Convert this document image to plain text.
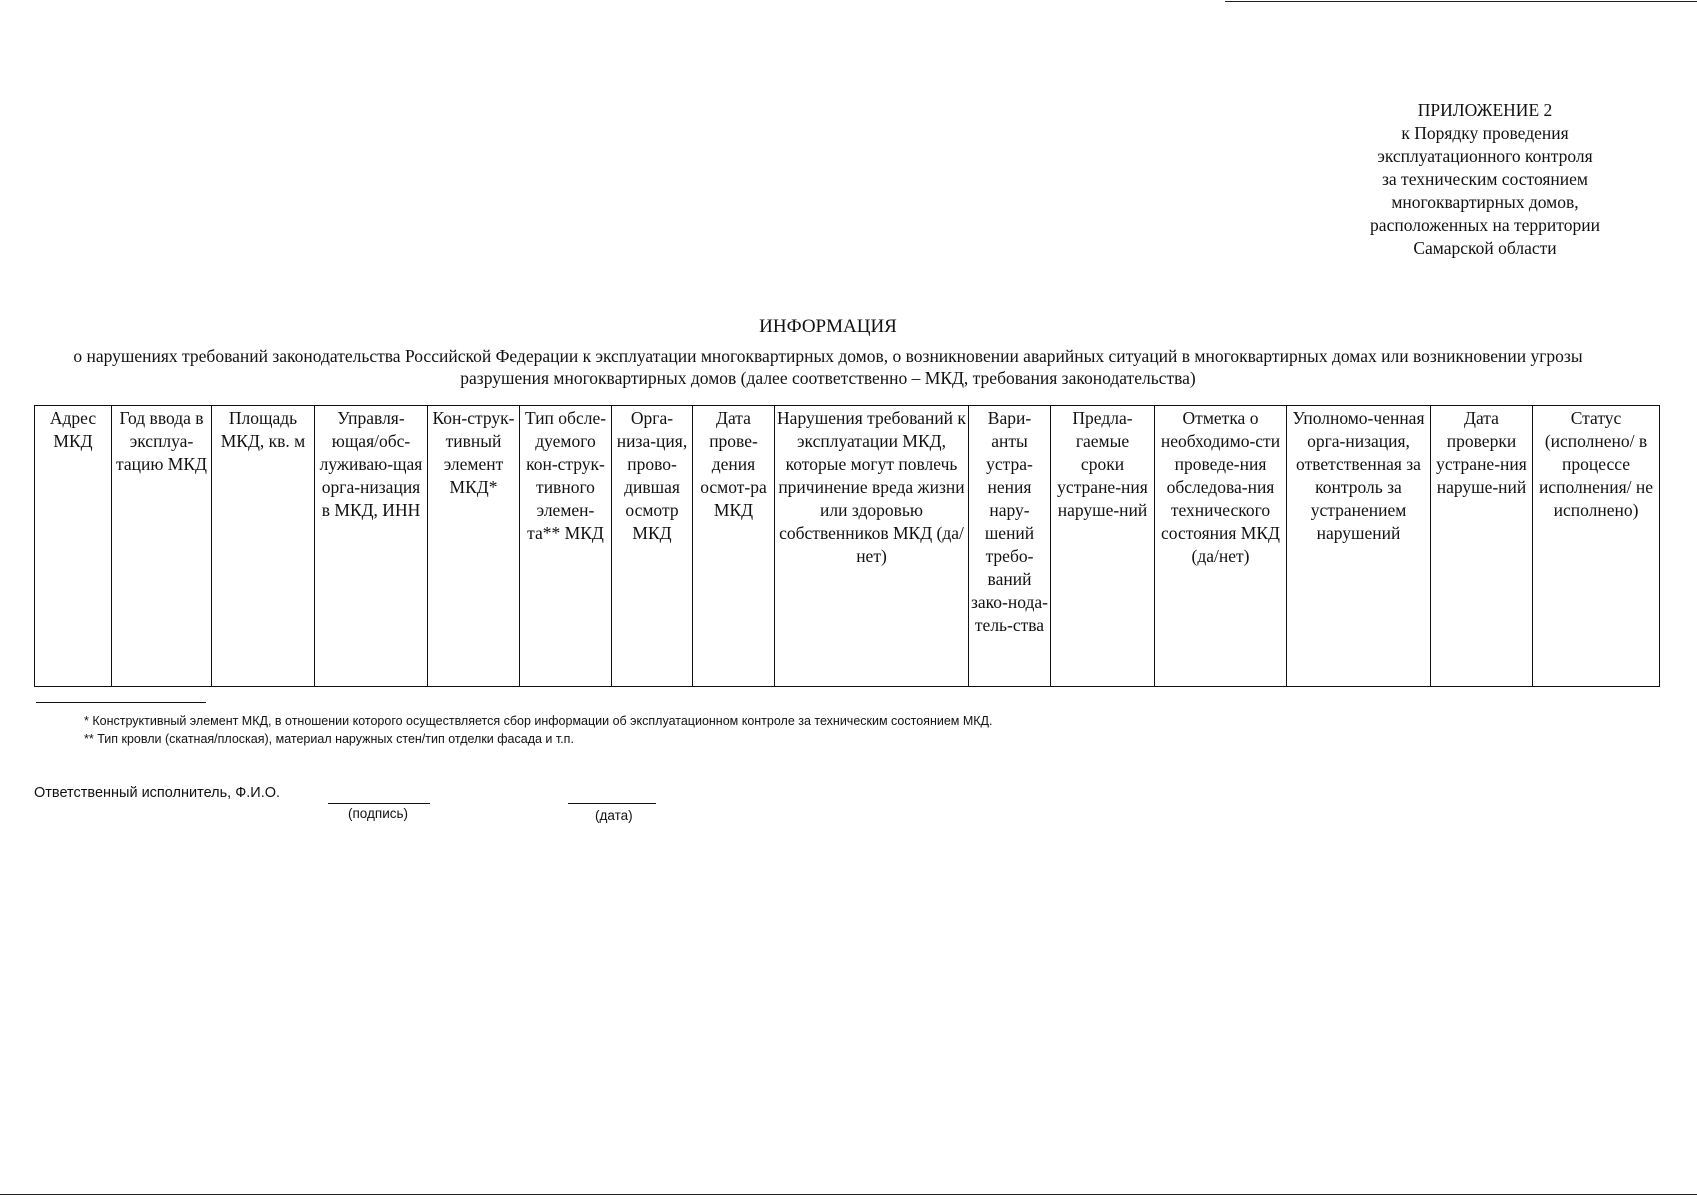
ПРИЛОЖЕНИЕ 2
к Порядку проведения
эксплуатационного контроля
за техническим состоянием
многоквартирных домов,
расположенных на территории
Самарской области
ИНФОРМАЦИЯ
о нарушениях требований законодательства Российской Федерации к эксплуатации многоквартирных домов, о возникновении аварийных ситуаций в многоквартирных домах или возникновении угрозы разрушения многоквартирных домов (далее соответственно – МКД, требования законодательства)
Адрес МКД	Год ввода в эксплуа-тацию МКД	Площадь МКД, кв. м	Управля-ющая/обс-луживаю-щая орга-низация в МКД, ИНН	Кон-струк-тивный элемент МКД*	Тип обсле-дуемого кон-струк-тивного элемен-та** МКД	Орга-низа-ция, прово-дившая осмотр МКД	Дата прове-дения осмот-ра МКД	Нарушения требований к эксплуатации МКД, которые могут повлечь причинение вреда жизни или здоровью собственников МКД (да/нет)	Вари-анты устра-нения нару-шений требо-ваний зако-нода-тель-ства	Предла-гаемые сроки устране-ния наруше-ний	Отметка о необходимо-сти проведе-ния обследова-ния технического состояния МКД (да/нет)	Уполномо-ченная орга-низация, ответственная за контроль за устранением нарушений	Дата проверки устране-ния наруше-ний	Статус (исполнено/ в процессе исполнения/ не исполнено)
* Конструктивный элемент МКД, в отношении которого осуществляется сбор информации об эксплуатационном контроле за техническим состоянием МКД.
** Тип кровли (скатная/плоская), материал наружных стен/тип отделки фасада и т.п.
Ответственный исполнитель, Ф.И.О.
(подпись)	(дата)
